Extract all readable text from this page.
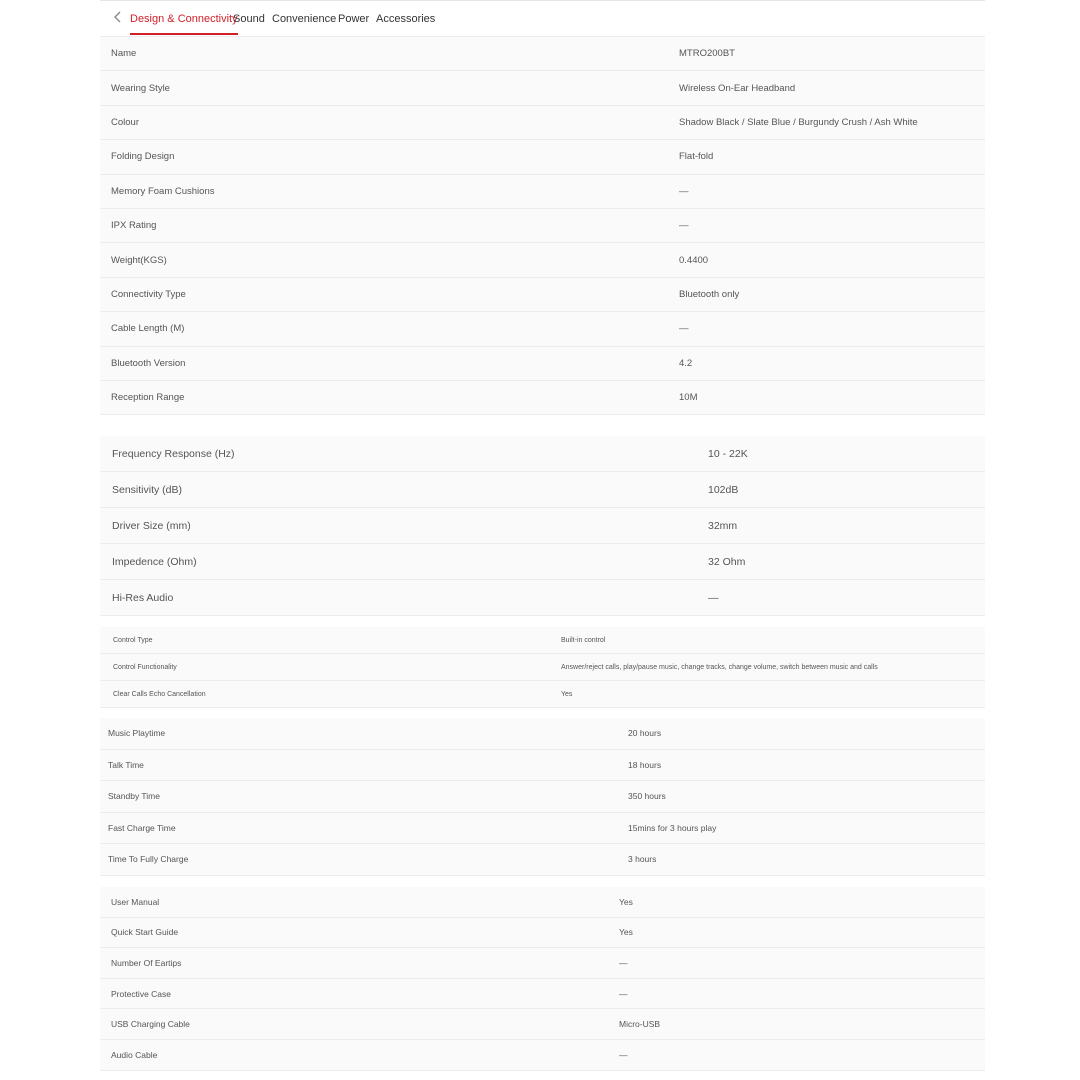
Design & Connectivity
Sound Convenience Power Accessories
Name	MTRO200BT
Wearing Style	Wireless On-Ear Headband
Colour	Shadow Black / Slate Blue / Burgundy Crush / Ash White
Folding Design	Flat-fold
Memory Foam Cushions	—
IPX Rating	—
Weight(KGS)	0.4400
Connectivity Type	Bluetooth only
Cable Length (M)	—
Bluetooth Version	4.2
Reception Range	10M
Frequency Response (Hz)	10 - 22K
Sensitivity (dB)	102dB
Driver Size (mm)	32mm
Impedence (Ohm)	32 Ohm
Hi-Res Audio	—
Control Type	Built-in control
Control Functionality	Answer/reject calls, play/pause music, change tracks, change volume, switch between music and calls
Clear Calls Echo Cancellation	Yes
Music Playtime	20 hours
Talk Time	18 hours
Standby Time	350 hours
Fast Charge Time	15mins for 3 hours play
Time To Fully Charge	3 hours
User Manual	Yes
Quick Start Guide	Yes
Number Of Eartips	—
Protective Case	—
USB Charging Cable	Micro-USB
Audio Cable	—
